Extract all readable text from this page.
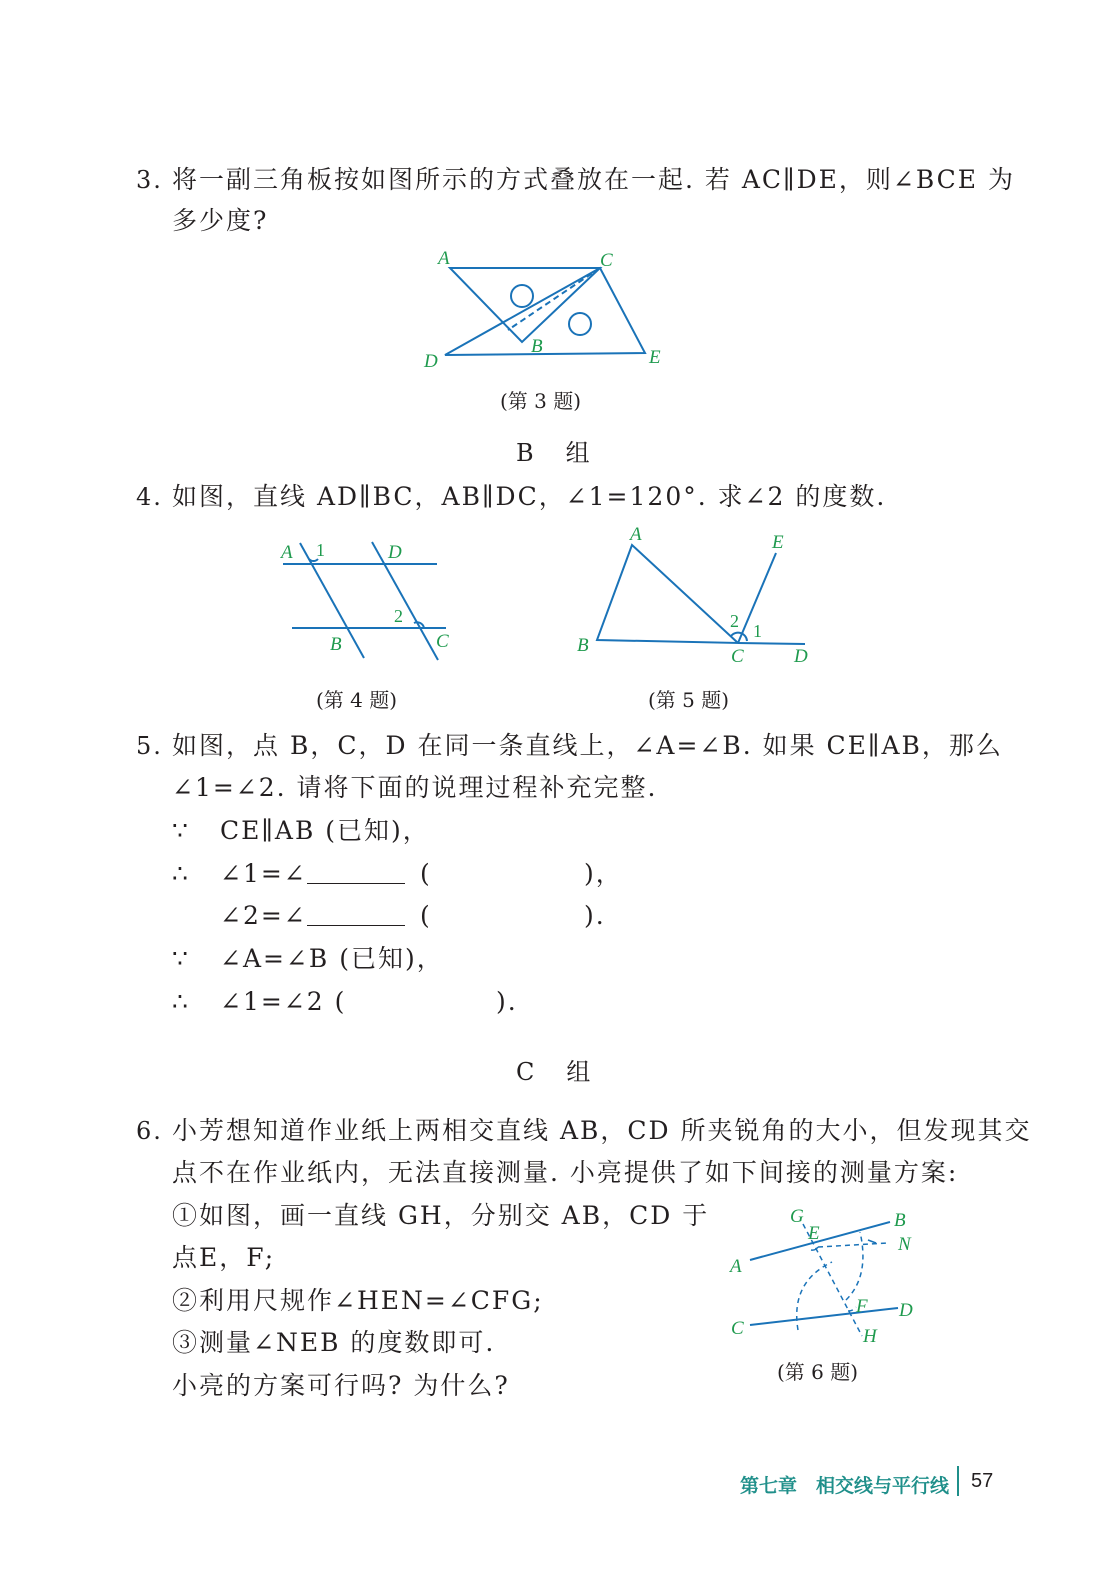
3. 将一副三角板按如图所示的方式叠放在一起. 若 AC∥DE，则∠BCE 为
多少度?
A	C
B
D	E
(第 3 题)
B　组
4. 如图，直线 AD∥BC，AB∥DC，∠1=120°. 求∠2 的度数.
A 1	D
2
B	C
(第 4 题)
A	E
2 1
B
C	D
(第 5 题)
5. 如图，点 B，C，D 在同一条直线上，∠A=∠B. 如果 CE∥AB，那么
∠1=∠2. 请将下面的说理过程补充完整.
∵ CE∥AB (已知)，
∴ ∠1=∠	(	)，
∠2=∠	(	).
∵ ∠A=∠B (已知)，
∴ ∠1=∠2 (	).
C　组
6. 小芳想知道作业纸上两相交直线 AB，CD 所夹锐角的大小，但发现其交
点不在作业纸内，无法直接测量. 小亮提供了如下间接的测量方案:
①如图，画一直线 GH，分别交 AB，CD 于
点E，F;
②利用尺规作∠HEN=∠CFG;
③测量∠NEB 的度数即可.
小亮的方案可行吗? 为什么?
G
E
B
N
A
F D
C	H
(第 6 题)
第七章　相交线与平行线 57
